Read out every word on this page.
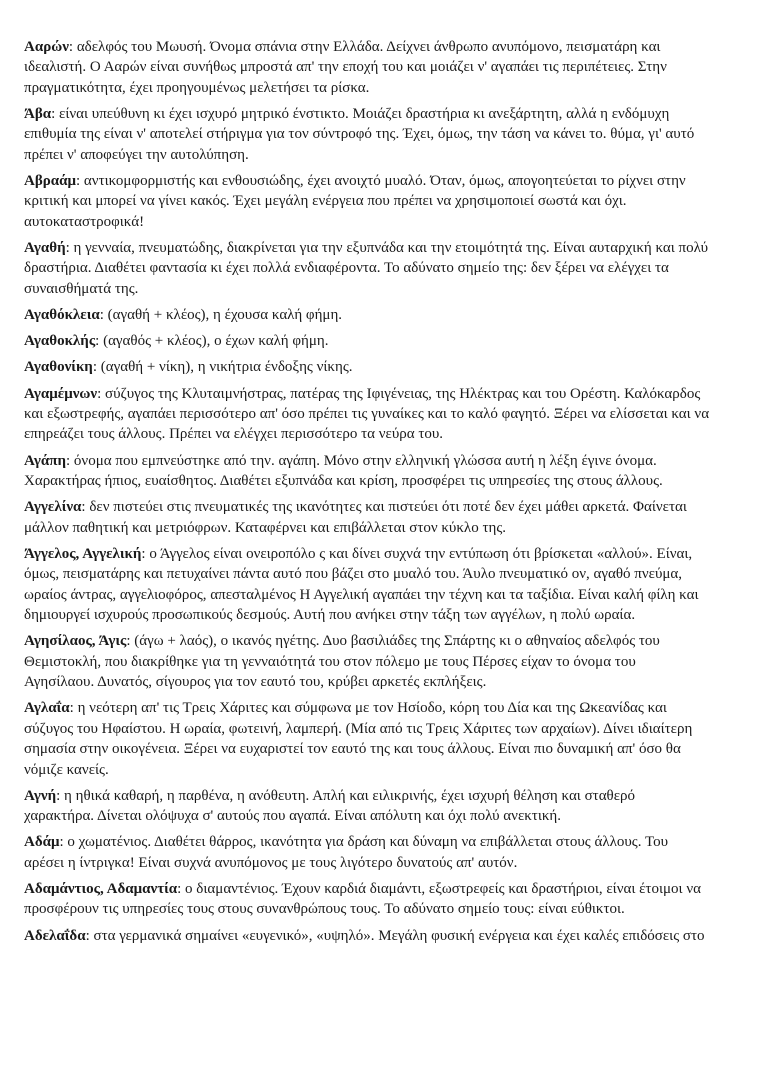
Ααρών: αδελφός του Μωυσή. Όνομα σπάνια στην Ελλάδα. Δείχνει άνθρωπο ανυπόμονο, πεισματάρη και
ιδεαλιστή. Ο Ααρών είναι συνήθως μπροστά απ' την εποχή του και μοιάζει ν' αγαπάει τις περιπέτειες. Στην
πραγματικότητα, έχει προηγουμένως μελετήσει τα ρίσκα.
Άβα: είναι υπεύθυνη κι έχει ισχυρό μητρικό ένστικτο. Μοιάζει δραστήρια κι ανεξάρτητη, αλλά η ενδόμυχη
επιθυμία της είναι ν' αποτελεί στήριγμα για τον σύντροφό της. Έχει, όμως, την τάση να κάνει το. θύμα, γι' αυτό
πρέπει ν' αποφεύγει την αυτολύπηση.
Αβραάμ: αντικομφορμιστής και ενθουσιώδης, έχει ανοιχτό μυαλό. Όταν, όμως, απογοητεύεται το ρίχνει στην
κριτική και μπορεί να γίνει κακός. Έχει μεγάλη ενέργεια που πρέπει να χρησιμοποιεί σωστά και όχι.
αυτοκαταστροφικά!
Αγαθή: η γενναία, πνευματώδης, διακρίνεται για την εξυπνάδα και την ετοιμότητά της. Είναι αυταρχική και πολύ
δραστήρια. Διαθέτει φαντασία κι έχει πολλά ενδιαφέροντα. Το αδύνατο σημείο της: δεν ξέρει να ελέγχει τα
συναισθήματά της.
Αγαθόκλεια: (αγαθή + κλέος), η έχουσα καλή φήμη.
Αγαθοκλής: (αγαθός + κλέος), ο έχων καλή φήμη.
Αγαθονίκη: (αγαθή + νίκη), η νικήτρια ένδοξης νίκης.
Αγαμέμνων: σύζυγος της Κλυταιμνήστρας, πατέρας της Ιφιγένειας, της Ηλέκτρας και του Ορέστη. Καλόκαρδος
και εξωστρεφής, αγαπάει περισσότερο απ' όσο πρέπει τις γυναίκες και το καλό φαγητό. Ξέρει να ελίσσεται και να
επηρεάζει τους άλλους. Πρέπει να ελέγχει περισσότερο τα νεύρα του.
Αγάπη: όνομα που εμπνεύστηκε από την. αγάπη. Μόνο στην ελληνική γλώσσα αυτή η λέξη έγινε όνομα.
Χαρακτήρας ήπιος, ευαίσθητος. Διαθέτει εξυπνάδα και κρίση, προσφέρει τις υπηρεσίες της στους άλλους.
Αγγελίνα: δεν πιστεύει στις πνευματικές της ικανότητες και πιστεύει ότι ποτέ δεν έχει μάθει αρκετά. Φαίνεται
μάλλον παθητική και μετριόφρων. Καταφέρνει και επιβάλλεται στον κύκλο της.
Άγγελος, Αγγελική: ο Άγγελος είναι ονειροπόλο ς και δίνει συχνά την εντύπωση ότι βρίσκεται «αλλού». Είναι,
όμως, πεισματάρης και πετυχαίνει πάντα αυτό που βάζει στο μυαλό του. Άυλο πνευματικό ον, αγαθό πνεύμα,
ωραίος άντρας, αγγελιοφόρος, απεσταλμένος Η Αγγελική αγαπάει την τέχνη και τα ταξίδια. Είναι καλή φίλη και
δημιουργεί ισχυρούς προσωπικούς δεσμούς. Αυτή που ανήκει στην τάξη των αγγέλων, η πολύ ωραία.
Αγησίλαος, Άγις: (άγω + λαός), ο ικανός ηγέτης. Δυο βασιλιάδες της Σπάρτης κι ο αθηναίος αδελφός του
Θεμιστοκλή, που διακρίθηκε για τη γενναιότητά του στον πόλεμο με τους Πέρσες είχαν το όνομα του
Αγησίλαου. Δυνατός, σίγουρος για τον εαυτό του, κρύβει αρκετές εκπλήξεις.
Αγλαΐα: η νεότερη απ' τις Τρεις Χάριτες και σύμφωνα με τον Ησίοδο, κόρη του Δία και της Ωκεανίδας και
σύζυγος του Ηφαίστου. Η ωραία, φωτεινή, λαμπερή. (Μία από τις Τρεις Χάριτες των αρχαίων). Δίνει ιδιαίτερη
σημασία στην οικογένεια. Ξέρει να ευχαριστεί τον εαυτό της και τους άλλους. Είναι πιο δυναμική απ' όσο θα
νόμιζε κανείς.
Αγνή: η ηθικά καθαρή, η παρθένα, η ανόθευτη. Απλή και ειλικρινής, έχει ισχυρή θέληση και σταθερό
χαρακτήρα. Δίνεται ολόψυχα σ' αυτούς που αγαπά. Είναι απόλυτη και όχι πολύ ανεκτική.
Αδάμ: ο χωματένιος. Διαθέτει θάρρος, ικανότητα για δράση και δύναμη να επιβάλλεται στους άλλους. Του
αρέσει η ίντριγκα! Είναι συχνά ανυπόμονος με τους λιγότερο δυνατούς απ' αυτόν.
Αδαμάντιος, Αδαμαντία: ο διαμαντένιος. Έχουν καρδιά διαμάντι, εξωστρεφείς και δραστήριοι, είναι έτοιμοι να
προσφέρουν τις υπηρεσίες τους στους συνανθρώπους τους. Το αδύνατο σημείο τους: είναι εύθικτοι.
Αδελαΐδα: στα γερμανικά σημαίνει «ευγενικό», «υψηλό». Μεγάλη φυσική ενέργεια και έχει καλές επιδόσεις στο
